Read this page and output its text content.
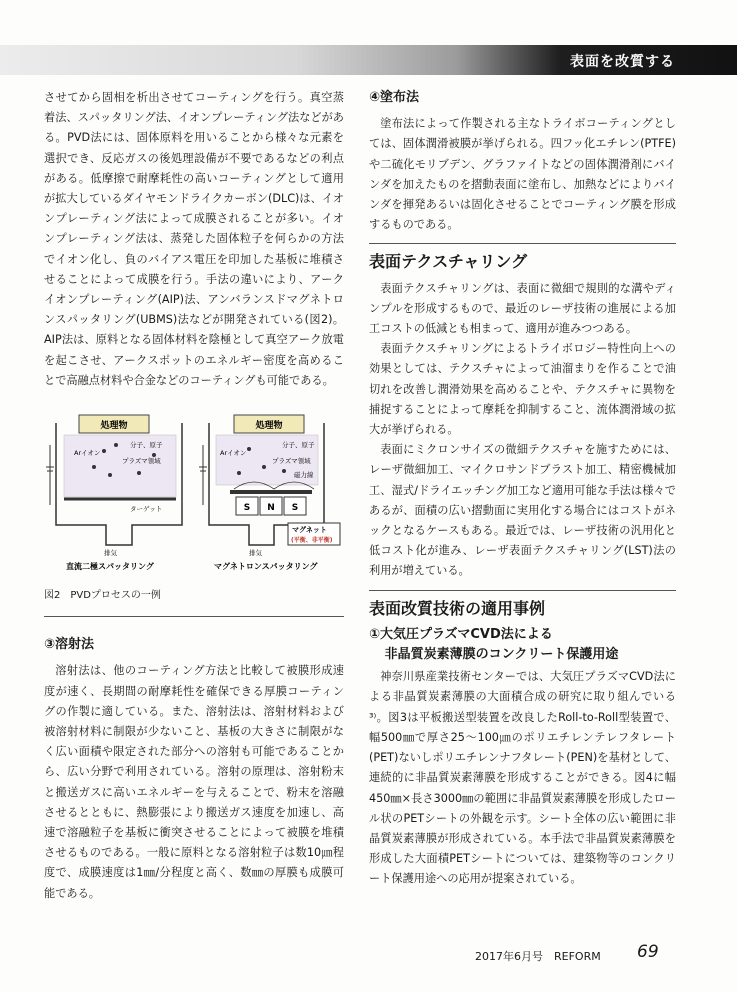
表面を改質する

させてから固相を析出させてコーティングを行う。真空蒸着法、スパッタリング法、イオンプレーティング法などがある。PVD法には、固体原料を用いることから様々な元素を選択でき、反応ガスの後処理設備が不要であるなどの利点がある。低摩擦で耐摩耗性の高いコーティングとして適用が拡大しているダイヤモンドライクカーボン(DLC)は、イオンプレーティング法によって成膜されることが多い。イオンプレーティング法は、蒸発した固体粒子を何らかの方法でイオン化し、負のバイアス電圧を印加した基板に堆積させることによって成膜を行う。手法の違いにより、アークイオンプレーティング(AIP)法、アンバランスドマグネトロンスパッタリング(UBMS)法などが開発されている(図2)。AIP法は、原料となる固体材料を陰極として真空アーク放電を起こさせ、アークスポットのエネルギー密度を高めることで高融点材料や合金などのコーティングも可能である。

処理物
分子、原子
Arイオン
プラズマ領域
ターゲット
排気
直流二極スパッタリング
処理物
分子、原子
Arイオン
プラズマ領域
磁力線
S N S
マグネット
(平衡、非平衡)
排気
マグネトロンスパッタリング

図2　PVDプロセスの一例

③溶射法

溶射法は、他のコーティング方法と比較して被膜形成速度が速く、長期間の耐摩耗性を確保できる厚膜コーティングの作製に適している。また、溶射法は、溶射材料および被溶射材料に制限が少ないこと、基板の大きさに制限がなく広い面積や限定された部分への溶射も可能であることから、広い分野で利用されている。溶射の原理は、溶射粉末と搬送ガスに高いエネルギーを与えることで、粉末を溶融させるとともに、熱膨張により搬送ガス速度を加速し、高速で溶融粒子を基板に衝突させることによって被膜を堆積させるものである。一般に原料となる溶射粒子は数10㎛程度で、成膜速度は1㎜/分程度と高く、数㎜の厚膜も成膜可能である。

④塗布法

塗布法によって作製される主なトライボコーティングとしては、固体潤滑被膜が挙げられる。四フッ化エチレン(PTFE)や二硫化モリブデン、グラファイトなどの固体潤滑剤にバインダを加えたものを摺動表面に塗布し、加熱などによりバインダを揮発あるいは固化させることでコーティング膜を形成するものである。

表面テクスチャリング

表面テクスチャリングは、表面に微細で規則的な溝やディンプルを形成するもので、最近のレーザ技術の進展による加工コストの低減とも相まって、適用が進みつつある。

表面テクスチャリングによるトライボロジー特性向上への効果としては、テクスチャによって油溜まりを作ることで油切れを改善し潤滑効果を高めることや、テクスチャに異物を捕捉することによって摩耗を抑制すること、流体潤滑域の拡大が挙げられる。

表面にミクロンサイズの微細テクスチャを施すためには、レーザ微細加工、マイクロサンドブラスト加工、精密機械加工、湿式/ドライエッチング加工など適用可能な手法は様々であるが、面積の広い摺動面に実用化する場合にはコストがネックとなるケースもある。最近では、レーザ技術の汎用化と低コスト化が進み、レーザ表面テクスチャリング(LST)法の利用が増えている。

表面改質技術の適用事例
①大気圧プラズマCVD法による
非晶質炭素薄膜のコンクリート保護用途

神奈川県産業技術センターでは、大気圧プラズマCVD法による非晶質炭素薄膜の大面積合成の研究に取り組んでいる³⁾。図3は平板搬送型装置を改良したRoll-to-Roll型装置で、幅500㎜で厚さ25～100㎛のポリエチレンテレフタレート(PET)ないしポリエチレンナフタレート(PEN)を基材として、連続的に非晶質炭素薄膜を形成することができる。図4に幅450㎜×長さ3000㎜の範囲に非晶質炭素薄膜を形成したロール状のPETシートの外観を示す。シート全体の広い範囲に非晶質炭素薄膜が形成されている。本手法で非晶質炭素薄膜を形成した大面積PETシートについては、建築物等のコンクリート保護用途への応用が提案されている。

2017年6月号　REFORM 69
